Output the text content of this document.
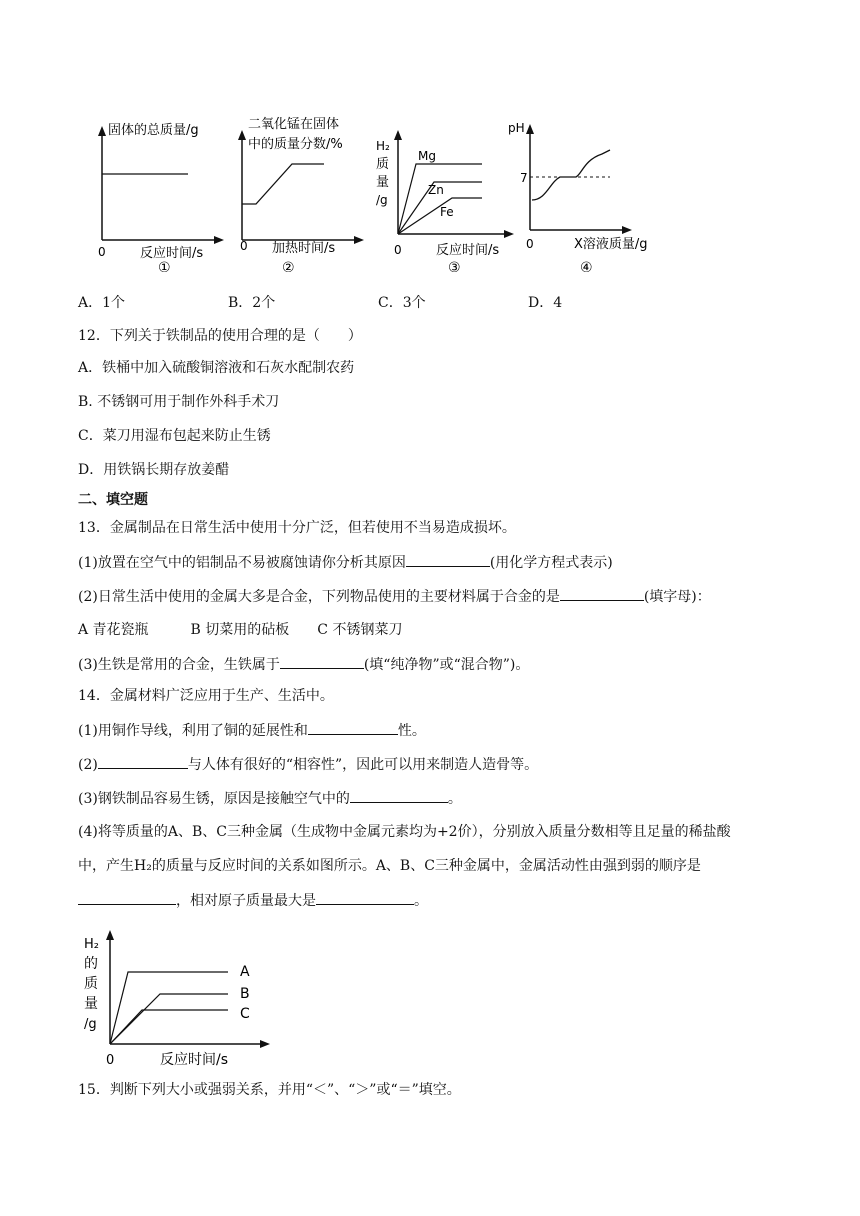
固体的总质量/g
0	反应时间/s
①
二氧化锰在固体
中的质量分数/%
0 加热时间/s
②
H₂
质
量
/g
Mg
Zn
Fe
0	反应时间/s
③
pH
7
0	X溶液质量/g
④
A．1个	B．2个	C．3个	D．4
12．下列关于铁制品的使用合理的是（　　）
A．铁桶中加入硫酸铜溶液和石灰水配制农药
B. 不锈钢可用于制作外科手术刀
C．菜刀用湿布包起来防止生锈
D．用铁锅长期存放姜醋
二、填空题
13．金属制品在日常生活中使用十分广泛，但若使用不当易造成损坏。
(1)放置在空气中的铝制品不易被腐蚀请你分析其原因	(用化学方程式表示)
(2)日常生活中使用的金属大多是合金，下列物品使用的主要材料属于合金的是	(填字母)：
A 青花瓷瓶　　　B 切菜用的砧板　　C 不锈钢菜刀
(3)生铁是常用的合金，生铁属于	(填“纯净物”或“混合物”)。
14．金属材料广泛应用于生产、生活中。
(1)用铜作导线，利用了铜的延展性和	性。
(2)	与人体有很好的“相容性”，因此可以用来制造人造骨等。
(3)钢铁制品容易生锈，原因是接触空气中的	。
(4)将等质量的A、B、C三种金属（生成物中金属元素均为+2价），分别放入质量分数相等且足量的稀盐酸
中，产生H₂的质量与反应时间的关系如图所示。A、B、C三种金属中，金属活动性由强到弱的顺序是
，相对原子质量最大是	。
H₂
的
质
量
/g
A
B
C
0	反应时间/s
15．判断下列大小或强弱关系，并用“＜”、“＞”或“＝”填空。
